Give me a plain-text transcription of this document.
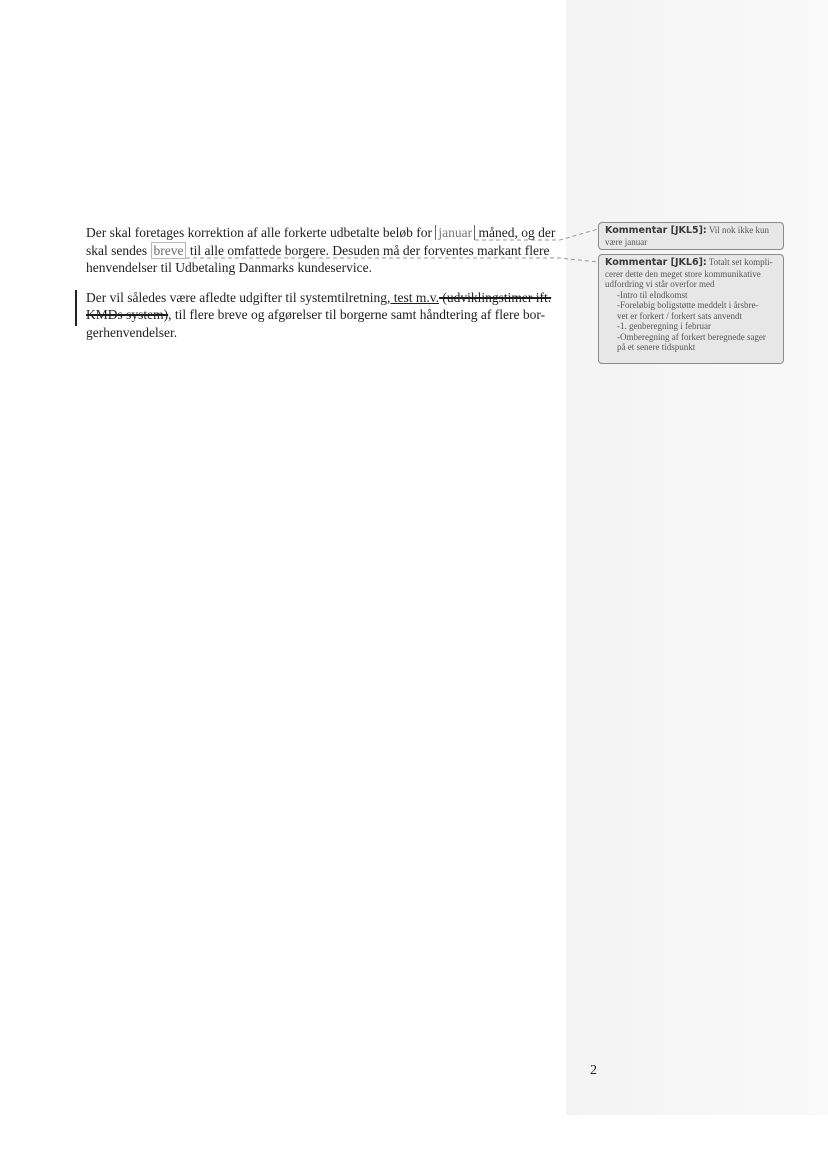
Der skal foretages korrektion af alle forkerte udbetalte beløb for januar måned, og der
skal sendes breve til alle omfattede borgere. Desuden må der forventes markant flere
henvendelser til Udbetaling Danmarks kundeservice.

Der vil således være afledte udgifter til systemtilretning, test m.v. (udviklingstimer ift.
KMDs system), til flere breve og afgørelser til borgerne samt håndtering af flere bor-
gerhenvendelser.

Kommentar [JKL5]: Vil nok ikke kun
være januar
Kommentar [JKL6]: Totalt set kompli-
cerer dette den meget store kommunikative
udfordring vi står overfor med
-Intro til eIndkomst
-Foreløbig boligstøtte meddelt i årsbre-
vet er forkert / forkert sats anvendt
-1. genberegning i februar
-Omberegning af forkert beregnede sager
på et senere tidspunkt
2
